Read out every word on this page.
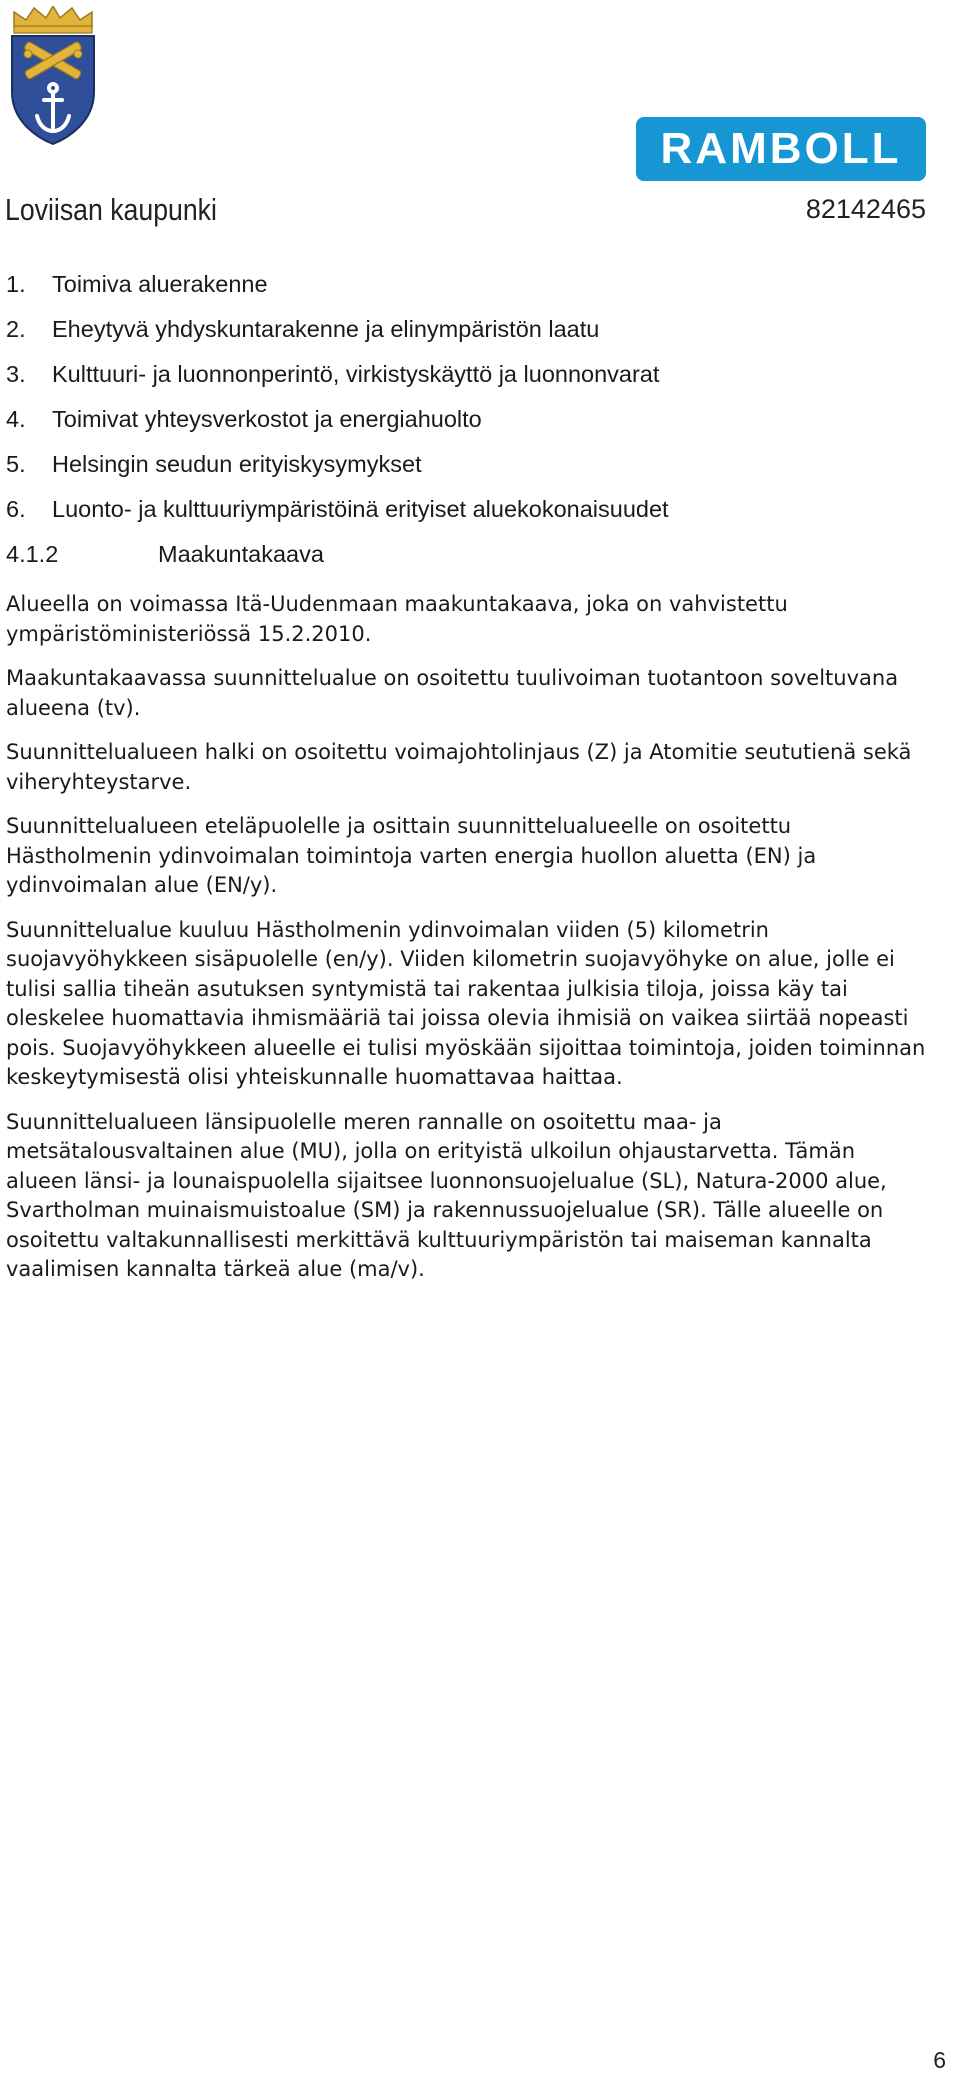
RAMBOLL
Loviisan kaupunki	82142465
1. Toimiva aluerakenne
2. Eheytyvä yhdyskuntarakenne ja elinympäristön laatu
3. Kulttuuri- ja luonnonperintö, virkistyskäyttö ja luonnonvarat
4. Toimivat yhteysverkostot ja energiahuolto
5. Helsingin seudun erityiskysymykset
6. Luonto- ja kulttuuriympäristöinä erityiset aluekokonaisuudet
4.1.2	Maakuntakaava

Alueella on voimassa Itä-Uudenmaan maakuntakaava, joka on vahvistettu ympäristöministeriössä 15.2.2010.

Maakuntakaavassa suunnittelualue on osoitettu tuulivoiman tuotantoon soveltuvana alueena (tv).

Suunnittelualueen halki on osoitettu voimajohtolinjaus (Z) ja Atomitie seututienä sekä viheryhteystarve.

Suunnittelualueen eteläpuolelle ja osittain suunnittelualueelle on osoitettu Hästholmenin ydinvoimalan toimintoja varten energia huollon aluetta (EN) ja ydinvoimalan alue (EN/y).

Suunnittelualue kuuluu Hästholmenin ydinvoimalan viiden (5) kilometrin suojavyöhykkeen sisäpuolelle (en/y). Viiden kilometrin suojavyöhyke on alue, jolle ei tulisi sallia tiheän asutuksen syntymistä tai rakentaa julkisia tiloja, joissa käy tai oleskelee huomattavia ihmismääriä tai joissa olevia ihmisiä on vaikea siirtää nopeasti pois. Suojavyöhykkeen alueelle ei tulisi myöskään sijoittaa toimintoja, joiden toiminnan keskeytymisestä olisi yhteiskunnalle huomattavaa haittaa.

Suunnittelualueen länsipuolelle meren rannalle on osoitettu maa- ja metsätalousvaltainen alue (MU), jolla on erityistä ulkoilun ohjaustarvetta. Tämän alueen länsi- ja lounaispuolella sijaitsee luonnonsuojelualue (SL), Natura-2000 alue, Svartholman muinaismuistoalue (SM) ja rakennussuojelualue (SR). Tälle alueelle on osoitettu valtakunnallisesti merkittävä kulttuuriympäristön tai maiseman kannalta vaalimisen kannalta tärkeä alue (ma/v).

6
